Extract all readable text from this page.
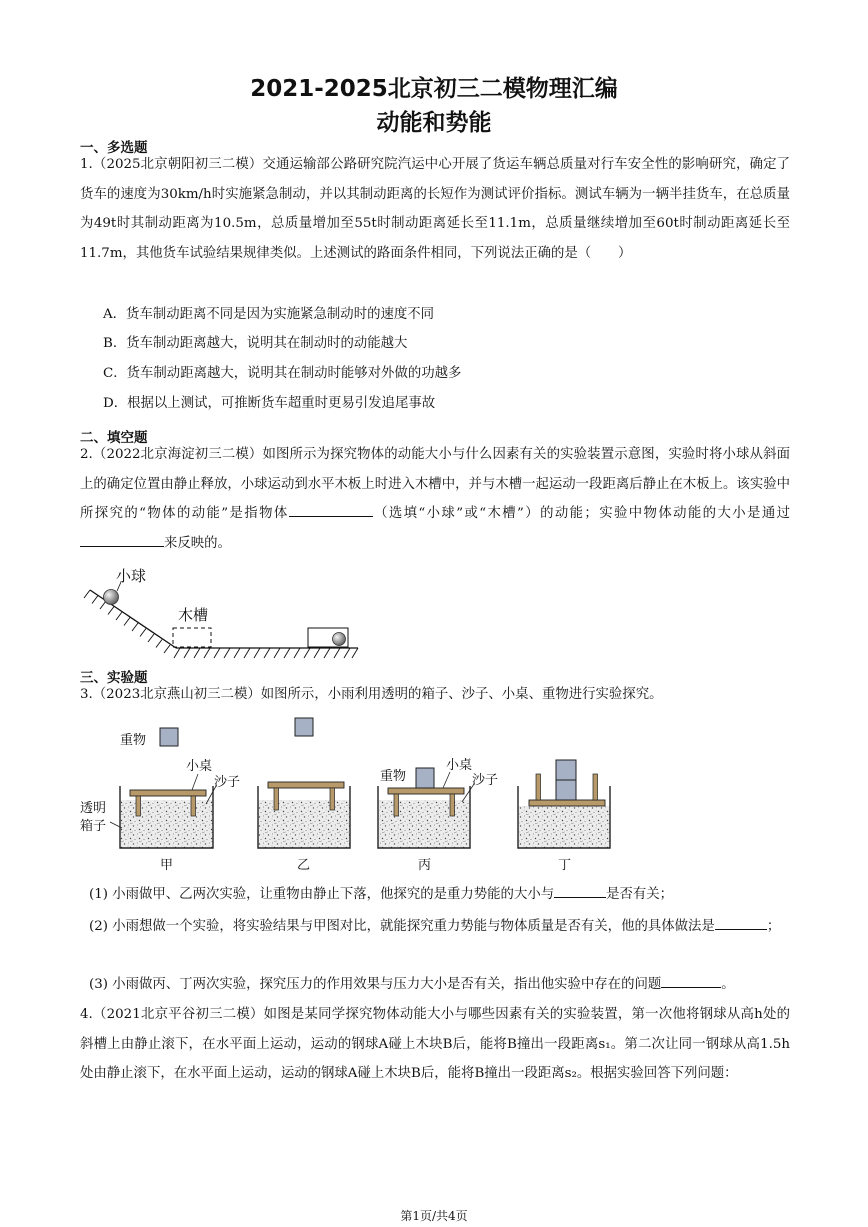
2021-2025北京初三二模物理汇编
动能和势能
一、多选题
1.（2025北京朝阳初三二模）交通运输部公路研究院汽运中心开展了货运车辆总质量对行车安全性的影响研究，确定了货车的速度为30km/h时实施紧急制动，并以其制动距离的长短作为测试评价指标。测试车辆为一辆半挂货车，在总质量为49t时其制动距离为10.5m，总质量增加至55t时制动距离延长至11.1m，总质量继续增加至60t时制动距离延长至11.7m，其他货车试验结果规律类似。上述测试的路面条件相同，下列说法正确的是（　　）
A．货车制动距离不同是因为实施紧急制动时的速度不同
B．货车制动距离越大，说明其在制动时的动能越大
C．货车制动距离越大，说明其在制动时能够对外做的功越多
D．根据以上测试，可推断货车超重时更易引发追尾事故
二、填空题
2.（2022北京海淀初三二模）如图所示为探究物体的动能大小与什么因素有关的实验装置示意图，实验时将小球从斜面上的确定位置由静止释放，小球运动到水平木板上时进入木槽中，并与木槽一起运动一段距离后静止在木板上。该实验中所探究的“物体的动能”是指物体	（选填“小球”或“木槽”）的动能；实验中物体动能的大小是通过来反映的。
小球
木槽
三、实验题
3.（2023北京燕山初三二模）如图所示，小雨利用透明的箱子、沙子、小桌、重物进行实验探究。
重物
小桌
沙子
透明
箱子
甲	乙
重物
小桌
沙子
丙	丁
(1) 小雨做甲、乙两次实验，让重物由静止下落，他探究的是重力势能的大小与	是否有关；
(2) 小雨想做一个实验，将实验结果与甲图对比，就能探究重力势能与物体质量是否有关，他的具体做法是	；
(3) 小雨做丙、丁两次实验，探究压力的作用效果与压力大小是否有关，指出他实验中存在的问题	。
4.（2021北京平谷初三二模）如图是某同学探究物体动能大小与哪些因素有关的实验装置，第一次他将钢球从高h处的斜槽上由静止滚下，在水平面上运动，运动的钢球A碰上木块B后，能将B撞出一段距离s₁。第二次让同一钢球从高1.5h处由静止滚下，在水平面上运动，运动的钢球A碰上木块B后，能将B撞出一段距离s₂。根据实验回答下列问题：
第1页/共4页
